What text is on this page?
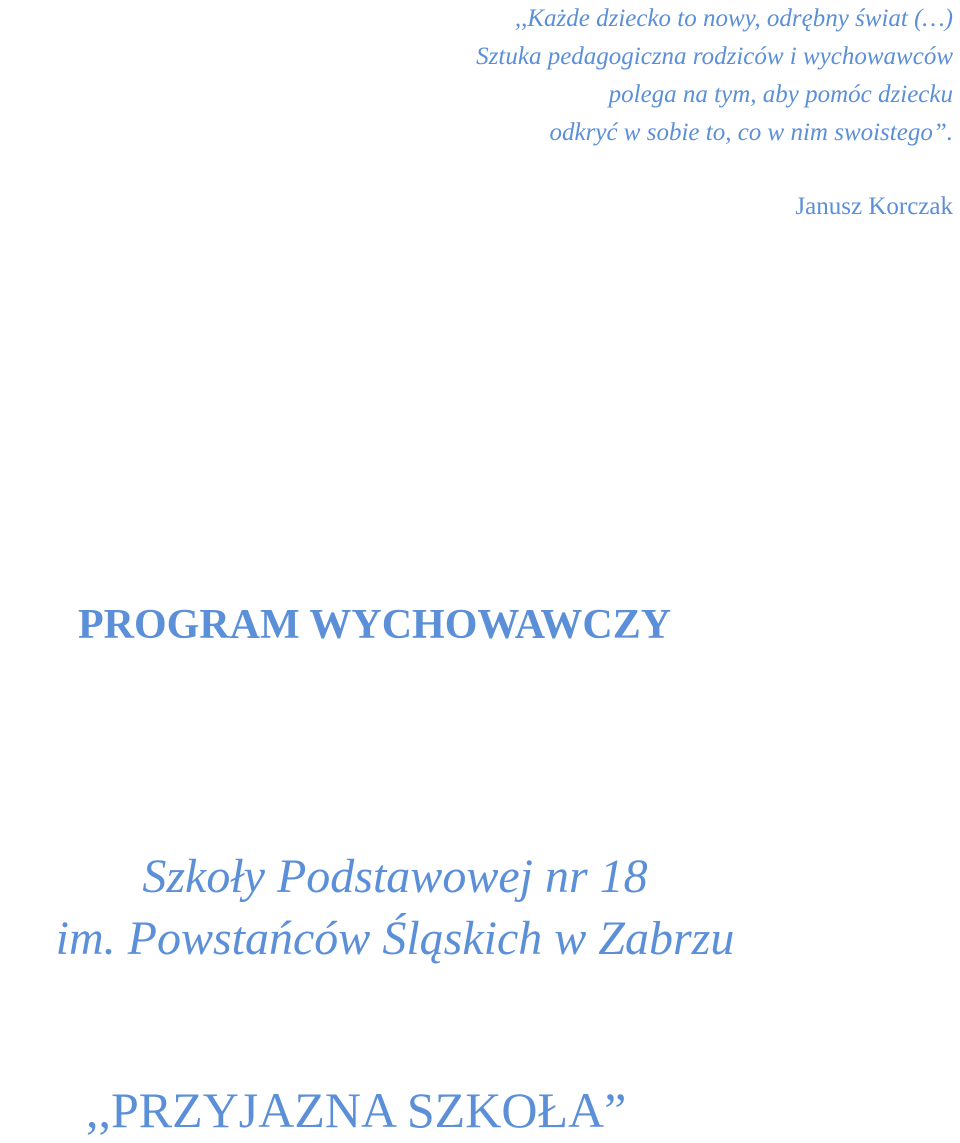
,,Każde dziecko to nowy, odrębny świat (…)
Sztuka pedagogiczna rodziców i wychowawców
polega na tym, aby pomóc dziecku
odkryć w sobie to, co w nim swoistego”.
Janusz Korczak
PROGRAM WYCHOWAWCZY
Szkoły Podstawowej nr 18
im. Powstańców Śląskich w Zabrzu
,,PRZYJAZNA SZKOŁA”
